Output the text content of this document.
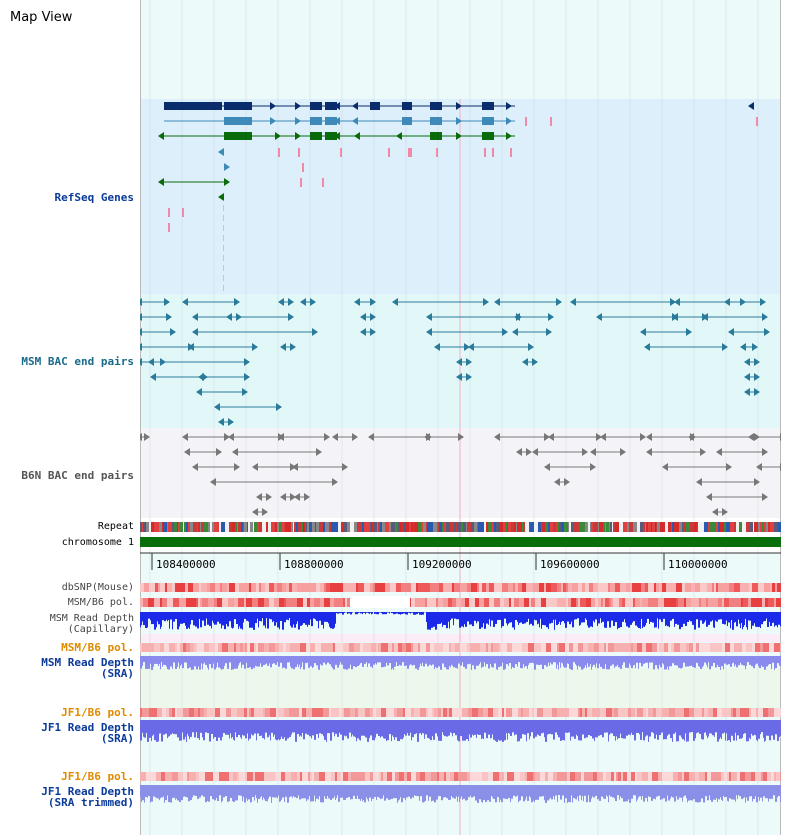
Map View

RefSeq Genes
MSM BAC end pairs
B6N BAC end pairs
Repeat
chromosome 1
dbSNP(Mouse)
MSM/B6 pol.
MSM Read Depth
(Capillary)
MSM/B6 pol.
MSM Read Depth
(SRA)
JF1/B6 pol.
JF1 Read Depth
(SRA)
JF1/B6 pol.
JF1 Read Depth
(SRA trimmed)
108400000	108800000	109200000	109600000	110000000
